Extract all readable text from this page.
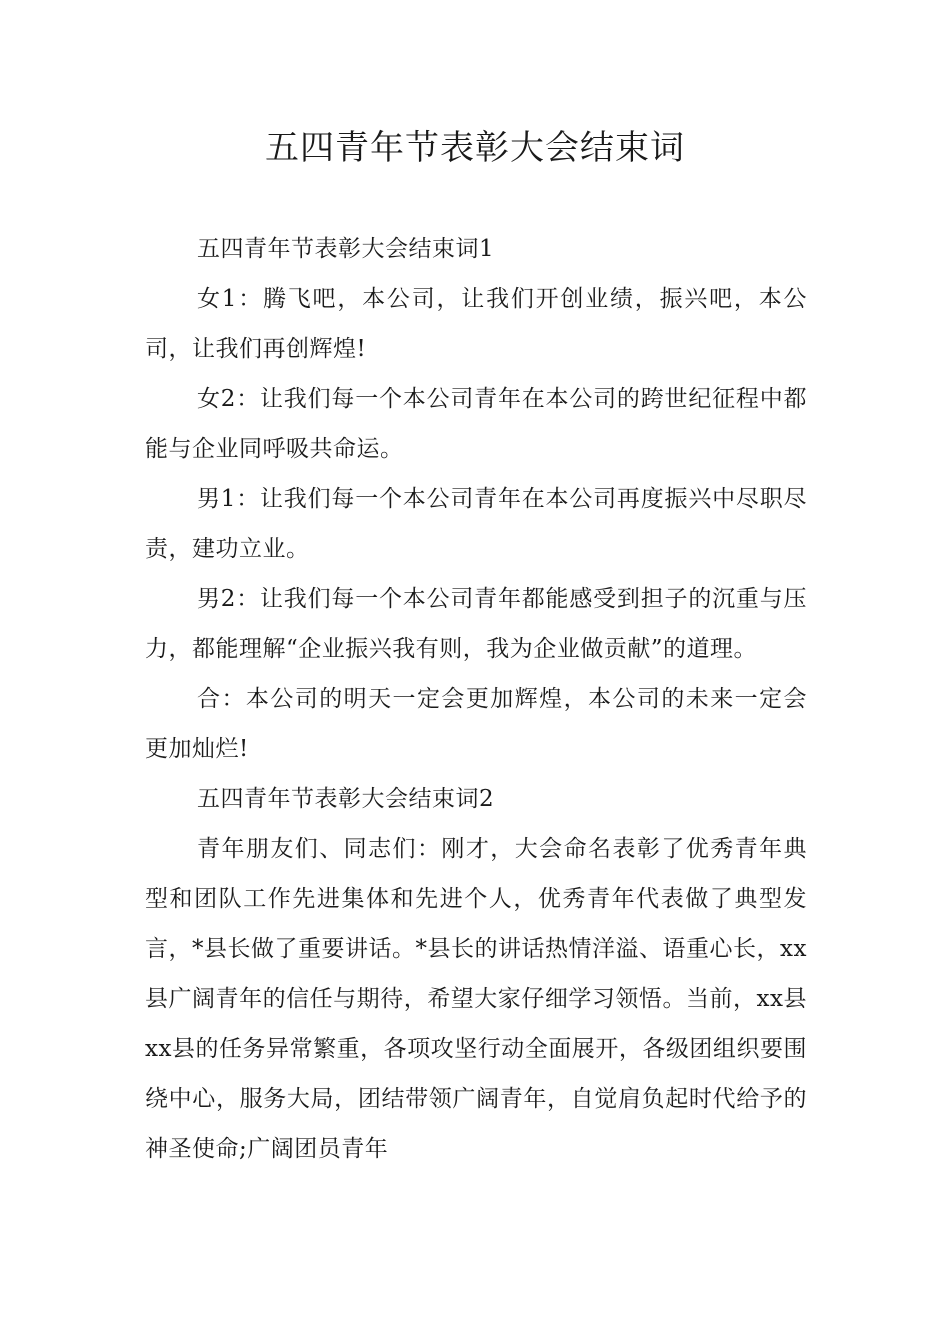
五四青年节表彰大会结束词

五四青年节表彰大会结束词1

女1：腾飞吧，本公司，让我们开创业绩，振兴吧，本公司，让我们再创辉煌!

女2：让我们每一个本公司青年在本公司的跨世纪征程中都能与企业同呼吸共命运。

男1：让我们每一个本公司青年在本公司再度振兴中尽职尽责，建功立业。

男2：让我们每一个本公司青年都能感受到担子的沉重与压力，都能理解“企业振兴我有则，我为企业做贡献”的道理。

合：本公司的明天一定会更加辉煌，本公司的未来一定会更加灿烂!

五四青年节表彰大会结束词2

青年朋友们、同志们：刚才，大会命名表彰了优秀青年典型和团队工作先进集体和先进个人，优秀青年代表做了典型发言，*县长做了重要讲话。*县长的讲话热情洋溢、语重心长，xx县广阔青年的信任与期待，希望大家仔细学习领悟。当前，xx县xx县的任务异常繁重，各项攻坚行动全面展开，各级团组织要围绕中心，服务大局，团结带领广阔青年，自觉肩负起时代给予的神圣使命;广阔团员青年
